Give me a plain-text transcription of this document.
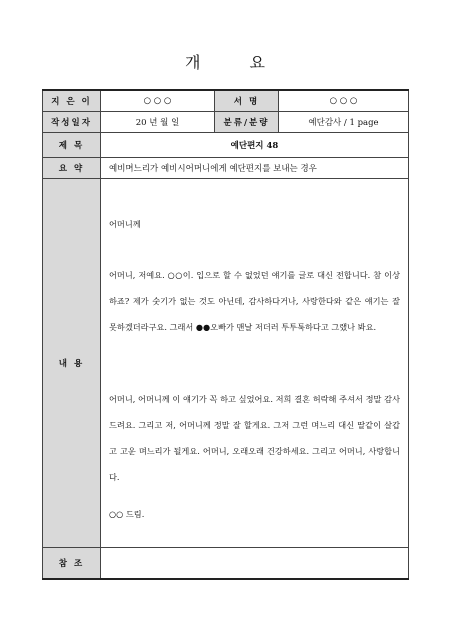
개 요
지 은 이	○ ○ ○	서 명	○ ○ ○
작성일자	20 년 월 일	분류/분량	예단감사 / 1 page
제 목	예단편지 48		
요 약	예비며느리가 예비시어머니에게 예단편지를 보내는 경우		
내 용	어머니께

어머니, 저예요. ○○이. 입으로 할 수 없었던 얘기를 글로 대신 전합니다. 참 이상하죠? 제가 숫기가 없는 것도 아닌데, 감사하다거나, 사랑한다와 같은 얘기는 잘 못하겠더라구요. 그래서 ●●오빠가 맨날 저더러 투투툭하다고 그랬나 봐요.

어머니, 어머니께 이 얘기가 꼭 하고 싶었어요. 저희 결혼 허락해 주셔서 정말 감사드려요. 그리고 저, 어머니께 정말 잘 할게요. 그저 그런 며느리 대신 딸같이 살갑고 고운 며느리가 될게요. 어머니, 오래오래 건강하세요. 그리고 어머니, 사랑합니다.

○○ 드림.		

참 조			
